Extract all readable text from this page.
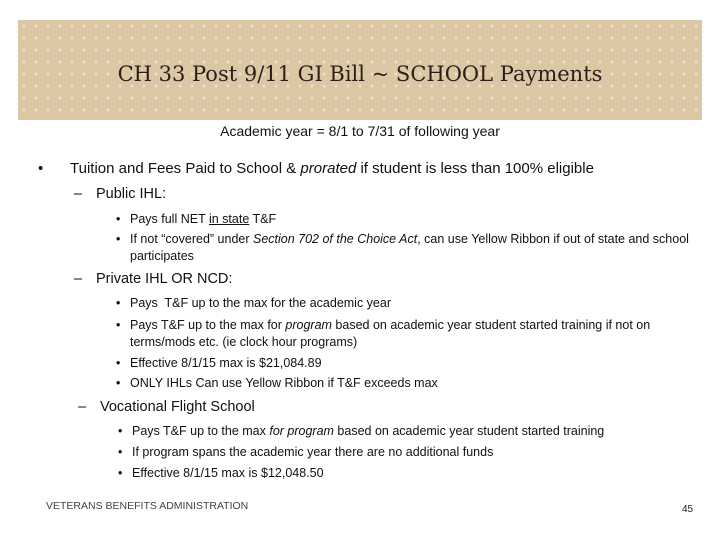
CH 33 Post 9/11 GI Bill ~ SCHOOL Payments
Academic year = 8/1 to 7/31 of following year
• Tuition and Fees Paid to School & prorated if student is less than 100% eligible
– Public IHL:
• Pays full NET in state T&F
• If not “covered” under Section 702 of the Choice Act, can use Yellow Ribbon if out of state and school participates
– Private IHL OR NCD:
• Pays  T&F up to the max for the academic year
• Pays T&F up to the max for program based on academic year student started training if not on terms/mods etc. (ie clock hour programs)
• Effective 8/1/15 max is $21,084.89
• ONLY IHLs Can use Yellow Ribbon if T&F exceeds max
– Vocational Flight School
• Pays T&F up to the max for program based on academic year student started training
• If program spans the academic year there are no additional funds
• Effective 8/1/15 max is $12,048.50
VETERANS BENEFITS ADMINISTRATION	45
